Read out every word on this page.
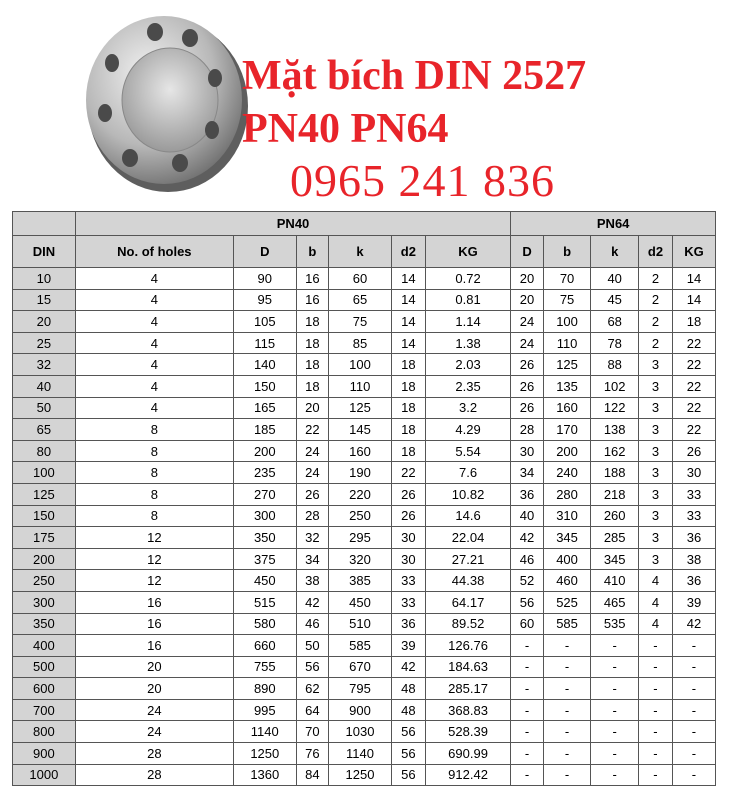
Mặt bích DIN 2527
PN40 PN64
0965 241 836
	PN40						PN64				
DIN	No. of holes	D	b	k	d2	KG	D	b	k	d2	KG
10	4	90	16	60	14	0.72	20	70	40	2	14
15	4	95	16	65	14	0.81	20	75	45	2	14
20	4	105	18	75	14	1.14	24	100	68	2	18
25	4	115	18	85	14	1.38	24	110	78	2	22
32	4	140	18	100	18	2.03	26	125	88	3	22
40	4	150	18	110	18	2.35	26	135	102	3	22
50	4	165	20	125	18	3.2	26	160	122	3	22
65	8	185	22	145	18	4.29	28	170	138	3	22
80	8	200	24	160	18	5.54	30	200	162	3	26
100	8	235	24	190	22	7.6	34	240	188	3	30
125	8	270	26	220	26	10.82	36	280	218	3	33
150	8	300	28	250	26	14.6	40	310	260	3	33
175	12	350	32	295	30	22.04	42	345	285	3	36
200	12	375	34	320	30	27.21	46	400	345	3	38
250	12	450	38	385	33	44.38	52	460	410	4	36
300	16	515	42	450	33	64.17	56	525	465	4	39
350	16	580	46	510	36	89.52	60	585	535	4	42
400	16	660	50	585	39	126.76	-	-	-	-	-
500	20	755	56	670	42	184.63	-	-	-	-	-
600	20	890	62	795	48	285.17	-	-	-	-	-
700	24	995	64	900	48	368.83	-	-	-	-	-
800	24	1140	70	1030	56	528.39	-	-	-	-	-
900	28	1250	76	1140	56	690.99	-	-	-	-	-
1000	28	1360	84	1250	56	912.42	-	-	-	-	-
